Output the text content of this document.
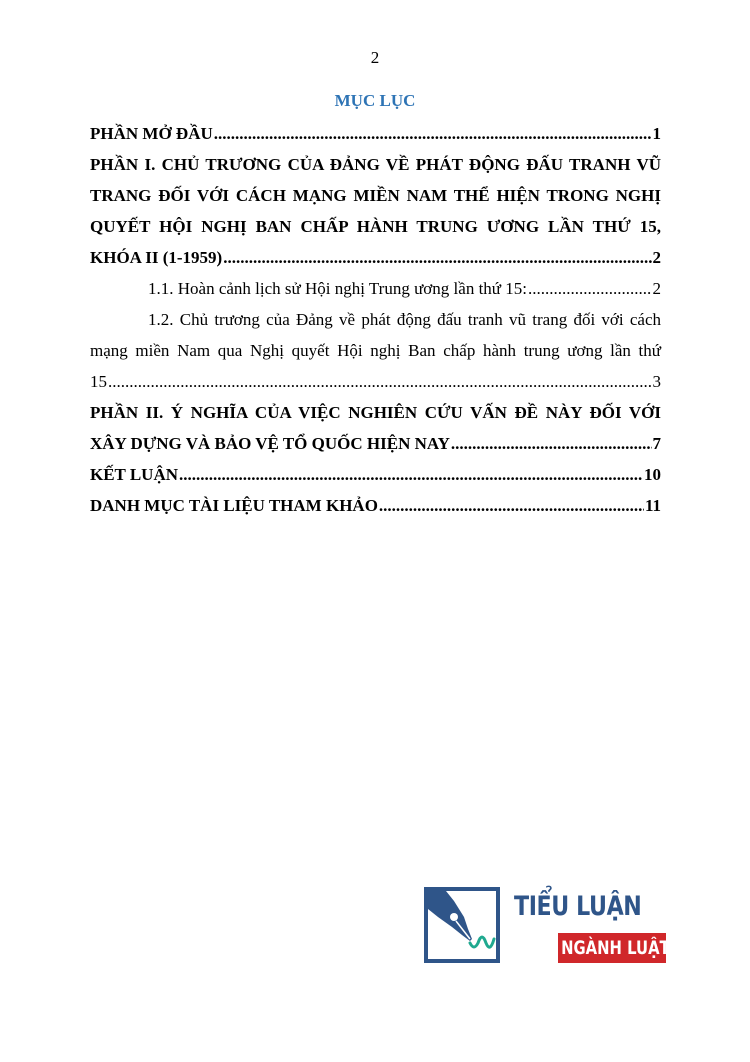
2
MỤC LỤC
PHẦN MỞ ĐẦU .....	1
PHẦN I. CHỦ TRƯƠNG CỦA ĐẢNG VỀ PHÁT ĐỘNG ĐẤU TRANH VŨ
TRANG ĐỐI VỚI CÁCH MẠNG MIỀN NAM THỂ HIỆN TRONG NGHỊ
QUYẾT HỘI NGHỊ BAN CHẤP HÀNH TRUNG ƯƠNG LẦN THỨ 15,
KHÓA II (1-1959) .....	2
1.1. Hoàn cảnh lịch sử Hội nghị Trung ương lần thứ 15: .....	2
1.2. Chủ trương của Đảng về phát động đấu tranh vũ trang đối với cách
mạng miền Nam qua Nghị quyết Hội nghị Ban chấp hành trung ương lần thứ
15 .....	3
PHẦN II. Ý NGHĨA CỦA VIỆC NGHIÊN CỨU VẤN ĐỀ NÀY ĐỐI VỚI
XÂY DỰNG VÀ BẢO VỆ TỔ QUỐC HIỆN NAY .....	7
KẾT LUẬN .....	10
DANH MỤC TÀI LIỆU THAM KHẢO .....	11
TIỂU LUẬN
NGÀNH LUẬT
